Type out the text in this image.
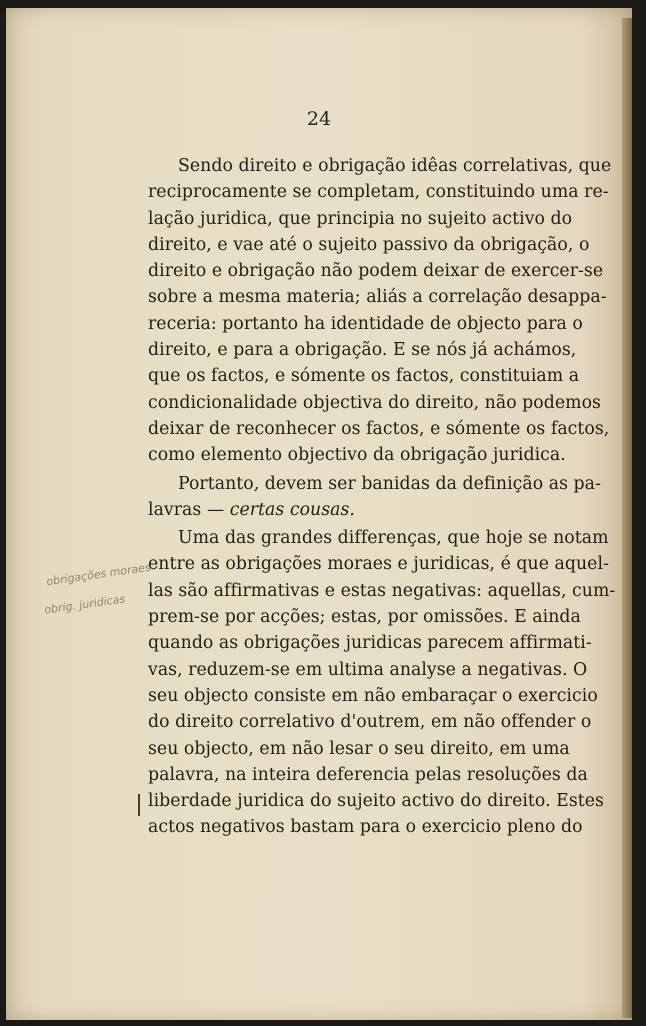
24
Sendo direito e obrigação idêas correlativas, que
reciprocamente se completam, constituindo uma re-
lação juridica, que principia no sujeito activo do
direito, e vae até o sujeito passivo da obrigação, o
direito e obrigação não podem deixar de exercer-se
sobre a mesma materia; aliás a correlação desappa-
receria: portanto ha identidade de objecto para o
direito, e para a obrigação. E se nós já achámos,
que os factos, e sómente os factos, constituiam a
condicionalidade objectiva do direito, não podemos
deixar de reconhecer os factos, e sómente os factos,
como elemento objectivo da obrigação juridica.
Portanto, devem ser banidas da definição as pa-
lavras — certas cousas.
Uma das grandes differenças, que hoje se notam
entre as obrigações moraes e juridicas, é que aquel-
las são affirmativas e estas negativas: aquellas, cum-
prem-se por acções; estas, por omissões. E ainda
quando as obrigações juridicas parecem affirmati-
vas, reduzem-se em ultima analyse a negativas. O
seu objecto consiste em não embaraçar o exercicio
do direito correlativo d'outrem, em não offender o
seu objecto, em não lesar o seu direito, em uma
palavra, na inteira deferencia pelas resoluções da
liberdade juridica do sujeito activo do direito. Estes
actos negativos bastam para o exercicio pleno do
obrigações moraes
obrig. juridicas
